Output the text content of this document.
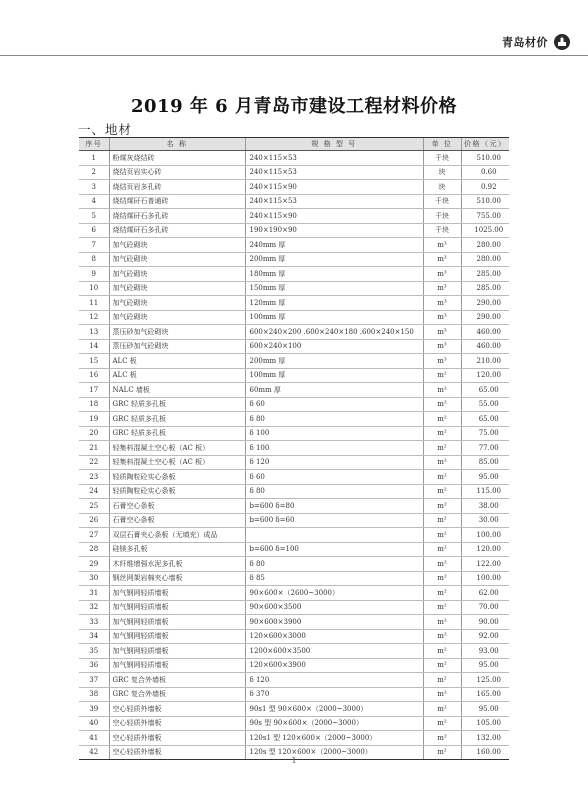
青岛材价
2019 年 6 月青岛市建设工程材料价格
一、地材
序号	名 称	规 格 型 号	单 位	价格（元）
1	粉煤灰烧结砖	240×115×53	千块	510.00
2	烧结页岩实心砖	240×115×53	块	0.60
3	烧结页岩多孔砖	240×115×90	块	0.92
4	烧结煤矸石普通砖	240×115×53	千块	510.00
5	烧结煤矸石多孔砖	240×115×90	千块	755.00
6	烧结煤矸石多孔砖	190×190×90	千块	1025.00
7	加气砼砌块	240mm 厚	m³	280.00
8	加气砼砌块	200mm 厚	m³	280.00
9	加气砼砌块	180mm 厚	m³	285.00
10	加气砼砌块	150mm 厚	m³	285.00
11	加气砼砌块	120mm 厚	m³	290.00
12	加气砼砌块	100mm 厚	m³	290.00
13	蒸压砂加气砼砌块	600×240×200 .600×240×180 .600×240×150	m³	460.00
14	蒸压砂加气砼砌块	600×240×100	m³	460.00
15	ALC 板	200mm 厚	m³	210.00
16	ALC 板	100mm 厚	m²	120.00
17	NALC 墙板	60mm 厚	m²	65.00
18	GRC 轻质多孔板	δ 60	m²	55.00
19	GRC 轻质多孔板	δ 80	m²	65.00
20	GRC 轻质多孔板	δ 100	m²	75.00
21	轻集料混凝土空心板（AC 板）	δ 100	m²	77.00
22	轻集料混凝土空心板（AC 板）	δ 120	m²	85.00
23	轻质陶粒砼实心条板	δ 60	m²	95.00
24	轻质陶粒砼实心条板	δ 80	m²	115.00
25	石膏空心条板	b=600 δ=80	m²	38.00
26	石膏空心条板	b=600 δ=60	m²	30.00
27	双层石膏夹心条板（无填充）成品		m²	100.00
28	硅镁多孔板	b=600 δ=100	m²	120.00
29	木纤维增强水泥多孔板	δ 80	m²	122.00
30	钢丝网架岩棉夹心墙板	δ 85	m²	100.00
31	加气钢网轻质墙板	90×600×（2600~3000）	m²	62.00
32	加气钢网轻质墙板	90×600×3500	m²	70.00
33	加气钢网轻质墙板	90×600×3900	m²	90.00
34	加气钢网轻质墙板	120×600×3000	m²	92.00
35	加气钢网轻质墙板	1200×600×3500	m²	93.00
36	加气钢网轻质墙板	120×600×3900	m²	95.00
37	GRC 复合外墙板	δ 120	m²	125.00
38	GRC 复合外墙板	δ 370	m²	165.00
39	空心轻质外墙板	90s1 型 90×600×（2000~3000）	m²	95.00
40	空心轻质外墙板	90s 型 90×600×（2000~3000）	m²	105.00
41	空心轻质外墙板	120s1 型 120×600×（2000~3000）	m²	132.00
42	空心轻质外墙板	120s 型 120×600×（2000~3000）	m²	160.00
1
